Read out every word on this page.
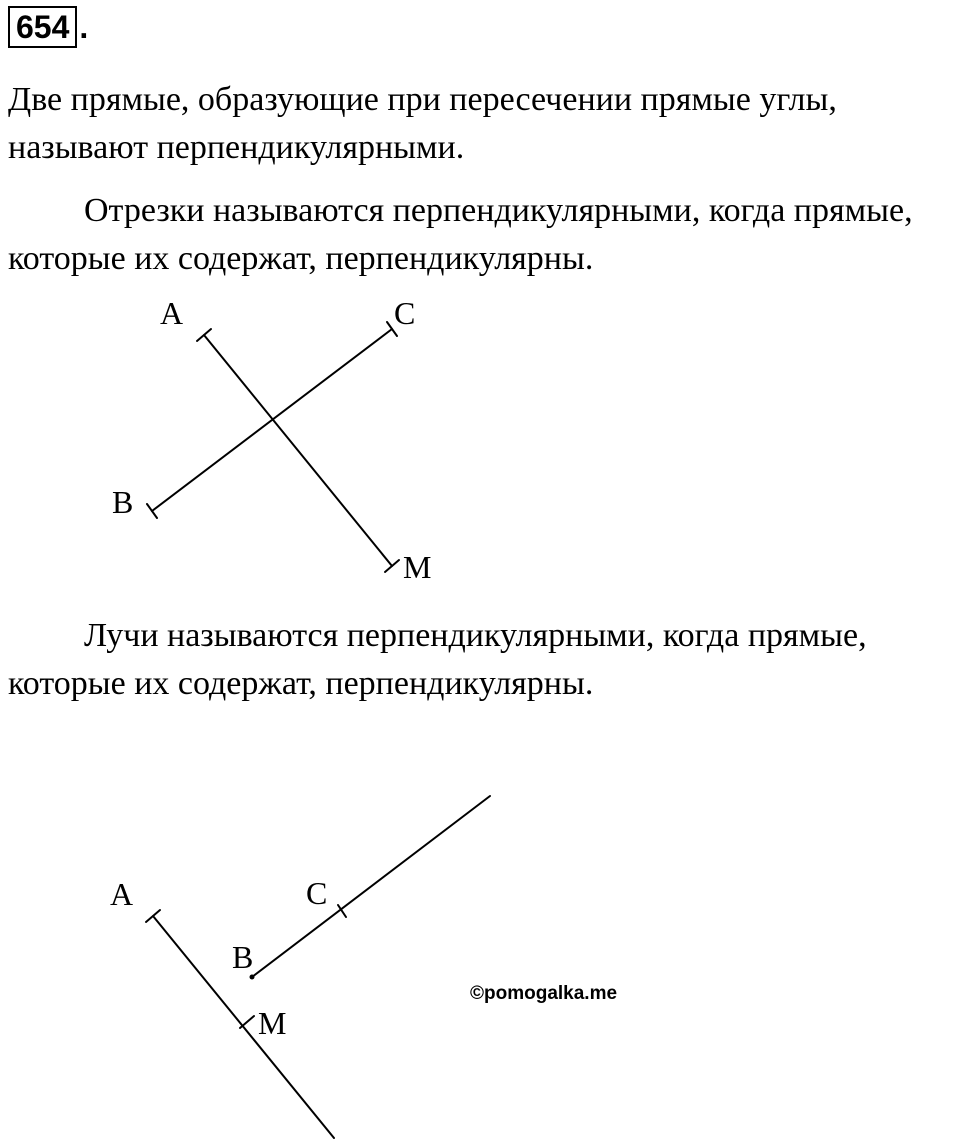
654 .

Две прямые, образующие при пересечении прямые углы, называют перпендикулярными.

Отрезки называются перпендикулярными, когда прямые, которые их содержат, перпендикулярны.

A	C
B
M

Лучи называются перпендикулярными, когда прямые, которые их содержат, перпендикулярны.

A	C
B
M
©pomogalka.me
